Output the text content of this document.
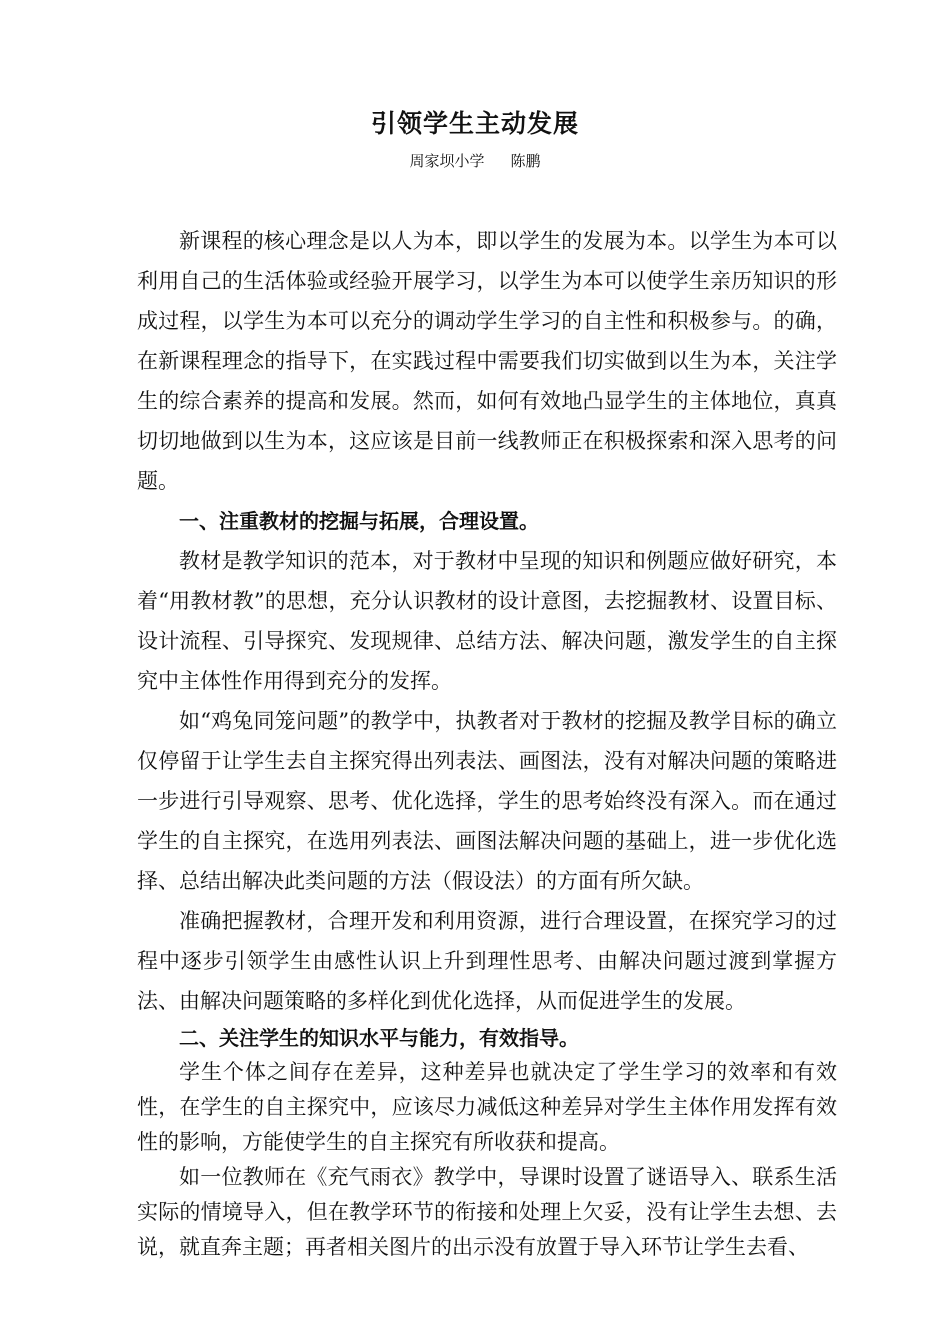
引领学生主动发展
周家坝小学 陈鹏

新课程的核心理念是以人为本，即以学生的发展为本。以学生为本可以利用自己的生活体验或经验开展学习，以学生为本可以使学生亲历知识的形成过程，以学生为本可以充分的调动学生学习的自主性和积极参与。的确，在新课程理念的指导下，在实践过程中需要我们切实做到以生为本，关注学生的综合素养的提高和发展。然而，如何有效地凸显学生的主体地位，真真切切地做到以生为本，这应该是目前一线教师正在积极探索和深入思考的问题。

一、注重教材的挖掘与拓展，合理设置。

教材是教学知识的范本，对于教材中呈现的知识和例题应做好研究，本着“用教材教”的思想，充分认识教材的设计意图，去挖掘教材、设置目标、设计流程、引导探究、发现规律、总结方法、解决问题，激发学生的自主探究中主体性作用得到充分的发挥。

如“鸡兔同笼问题”的教学中，执教者对于教材的挖掘及教学目标的确立仅停留于让学生去自主探究得出列表法、画图法，没有对解决问题的策略进一步进行引导观察、思考、优化选择，学生的思考始终没有深入。而在通过学生的自主探究，在选用列表法、画图法解决问题的基础上，进一步优化选择、总结出解决此类问题的方法（假设法）的方面有所欠缺。

准确把握教材，合理开发和利用资源，进行合理设置，在探究学习的过程中逐步引领学生由感性认识上升到理性思考、由解决问题过渡到掌握方法、由解决问题策略的多样化到优化选择，从而促进学生的发展。

二、关注学生的知识水平与能力，有效指导。

学生个体之间存在差异，这种差异也就决定了学生学习的效率和有效性，在学生的自主探究中，应该尽力减低这种差异对学生主体作用发挥有效性的影响，方能使学生的自主探究有所收获和提高。

如一位教师在《充气雨衣》教学中，导课时设置了谜语导入、联系生活实际的情境导入，但在教学环节的衔接和处理上欠妥，没有让学生去想、去说，就直奔主题；再者相关图片的出示没有放置于导入环节让学生去看、
